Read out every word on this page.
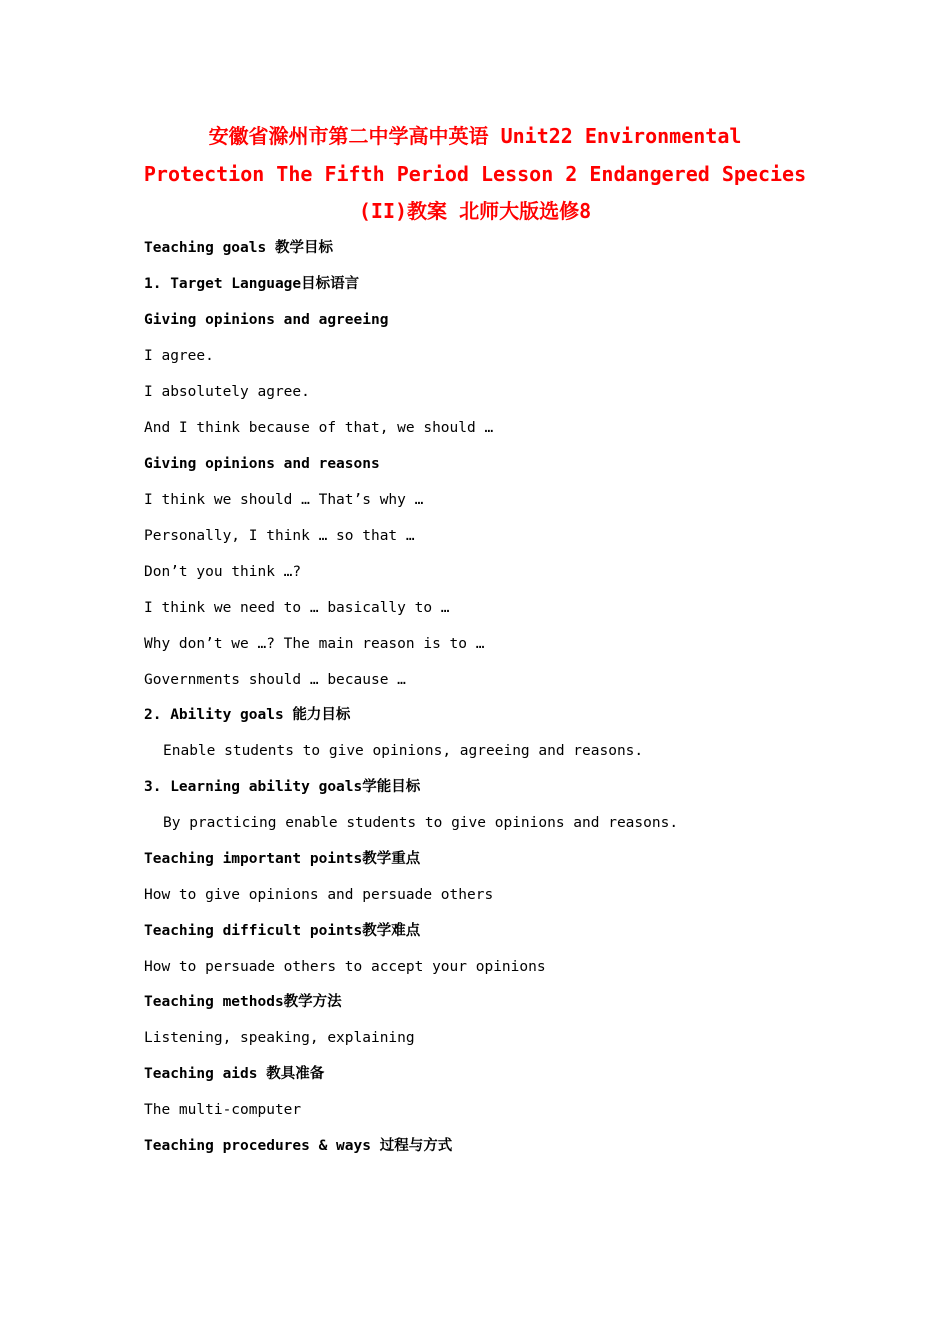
安徽省滁州市第二中学高中英语 Unit22 Environmental
Protection The Fifth Period Lesson 2 Endangered Species
(II)教案 北师大版选修8
Teaching goals 教学目标
1. Target Language目标语言
Giving opinions and agreeing
I agree.
I absolutely agree.
And I think because of that, we should …
Giving opinions and reasons
I think we should … That’s why …
Personally, I think … so that …
Don’t you think …?
I think we need to … basically to …
Why don’t we …? The main reason is to …
Governments should … because …
2. Ability goals 能力目标
Enable students to give opinions, agreeing and reasons.
3. Learning ability goals学能目标
By practicing enable students to give opinions and reasons.
Teaching important points教学重点
How to give opinions and persuade others
Teaching difficult points教学难点
How to persuade others to accept your opinions
Teaching methods教学方法
Listening, speaking, explaining
Teaching aids 教具准备
The multi-computer
Teaching procedures & ways 过程与方式
